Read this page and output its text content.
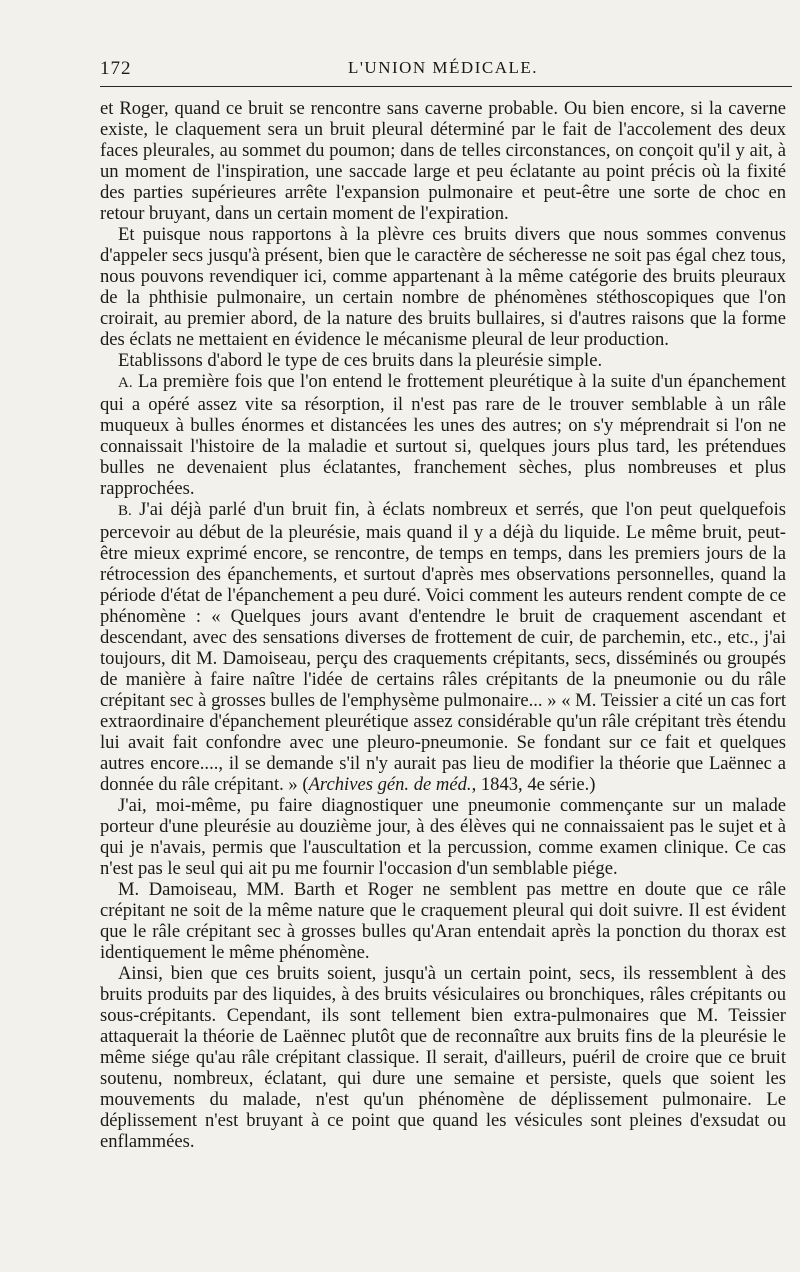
172	L'UNION MÉDICALE.

et Roger, quand ce bruit se rencontre sans caverne probable. Ou bien encore, si la caverne existe, le claquement sera un bruit pleural déterminé par le fait de l'accolement des deux faces pleurales, au sommet du poumon; dans de telles circonstances, on conçoit qu'il y ait, à un moment de l'inspiration, une saccade large et peu éclatante au point précis où la fixité des parties supérieures arrête l'expansion pulmonaire et peut-être une sorte de choc en retour bruyant, dans un certain moment de l'expiration.

Et puisque nous rapportons à la plèvre ces bruits divers que nous sommes convenus d'appeler secs jusqu'à présent, bien que le caractère de sécheresse ne soit pas égal chez tous, nous pouvons revendiquer ici, comme appartenant à la même catégorie des bruits pleuraux de la phthisie pulmonaire, un certain nombre de phénomènes stéthoscopiques que l'on croirait, au premier abord, de la nature des bruits bullaires, si d'autres raisons que la forme des éclats ne mettaient en évidence le mécanisme pleural de leur production.

Etablissons d'abord le type de ces bruits dans la pleurésie simple.

A. La première fois que l'on entend le frottement pleurétique à la suite d'un épanchement qui a opéré assez vite sa résorption, il n'est pas rare de le trouver semblable à un râle muqueux à bulles énormes et distancées les unes des autres; on s'y méprendrait si l'on ne connaissait l'histoire de la maladie et surtout si, quelques jours plus tard, les prétendues bulles ne devenaient plus éclatantes, franchement sèches, plus nombreuses et plus rapprochées.

B. J'ai déjà parlé d'un bruit fin, à éclats nombreux et serrés, que l'on peut quelquefois percevoir au début de la pleurésie, mais quand il y a déjà du liquide. Le même bruit, peut-être mieux exprimé encore, se rencontre, de temps en temps, dans les premiers jours de la rétrocession des épanchements, et surtout d'après mes observations personnelles, quand la période d'état de l'épanchement a peu duré. Voici comment les auteurs rendent compte de ce phénomène : « Quelques jours avant d'entendre le bruit de craquement ascendant et descendant, avec des sensations diverses de frottement de cuir, de parchemin, etc., etc., j'ai toujours, dit M. Damoiseau, perçu des craquements crépitants, secs, disséminés ou groupés de manière à faire naître l'idée de certains râles crépitants de la pneumonie ou du râle crépitant sec à grosses bulles de l'emphysème pulmonaire... » « M. Teissier a cité un cas fort extraordinaire d'épanchement pleurétique assez considérable qu'un râle crépitant très étendu lui avait fait confondre avec une pleuro-pneumonie. Se fondant sur ce fait et quelques autres encore...., il se demande s'il n'y aurait pas lieu de modifier la théorie que Laënnec a donnée du râle crépitant. » (Archives gén. de méd., 1843, 4e série.)

J'ai, moi-même, pu faire diagnostiquer une pneumonie commençante sur un malade porteur d'une pleurésie au douzième jour, à des élèves qui ne connaissaient pas le sujet et à qui je n'avais, permis que l'auscultation et la percussion, comme examen clinique. Ce cas n'est pas le seul qui ait pu me fournir l'occasion d'un semblable piége.

M. Damoiseau, MM. Barth et Roger ne semblent pas mettre en doute que ce râle crépitant ne soit de la même nature que le craquement pleural qui doit suivre. Il est évident que le râle crépitant sec à grosses bulles qu'Aran entendait après la ponction du thorax est identiquement le même phénomène.

Ainsi, bien que ces bruits soient, jusqu'à un certain point, secs, ils ressemblent à des bruits produits par des liquides, à des bruits vésiculaires ou bronchiques, râles crépitants ou sous-crépitants. Cependant, ils sont tellement bien extra-pulmonaires que M. Teissier attaquerait la théorie de Laënnec plutôt que de reconnaître aux bruits fins de la pleurésie le même siége qu'au râle crépitant classique. Il serait, d'ailleurs, puéril de croire que ce bruit soutenu, nombreux, éclatant, qui dure une semaine et persiste, quels que soient les mouvements du malade, n'est qu'un phénomène de déplissement pulmonaire. Le déplissement n'est bruyant à ce point que quand les vésicules sont pleines d'exsudat ou enflammées.
